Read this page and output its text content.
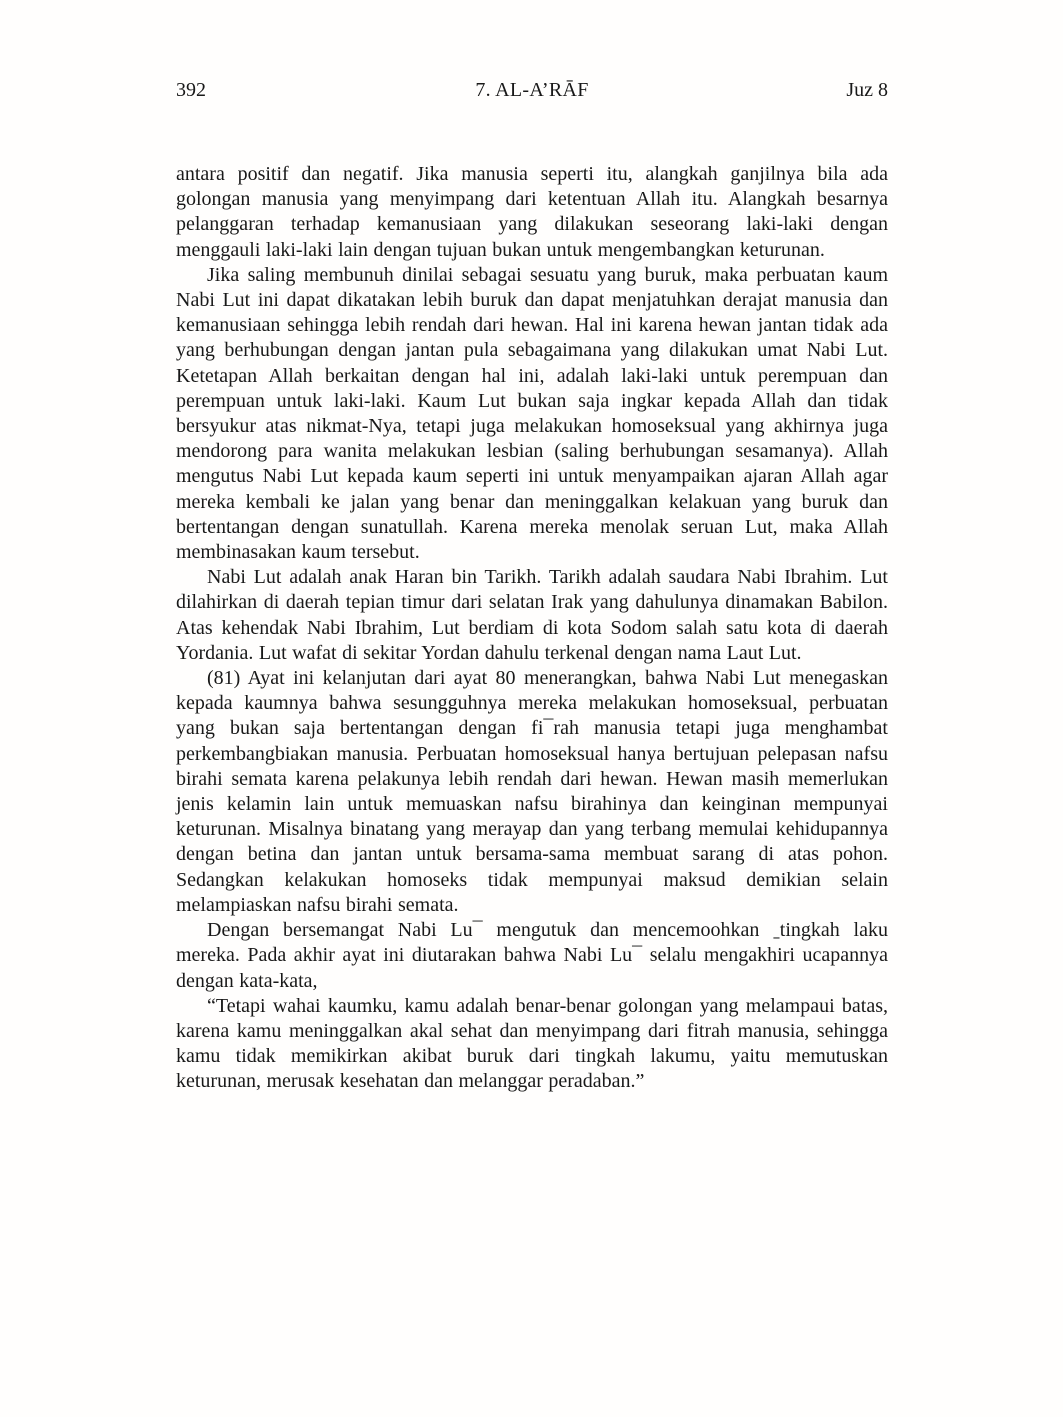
392	7. AL-A’RĀF	Juz 8

antara positif dan negatif. Jika manusia seperti itu, alangkah ganjilnya bila ada golongan manusia yang menyimpang dari ketentuan Allah itu. Alangkah besarnya pelanggaran terhadap kemanusiaan yang dilakukan seseorang laki-laki dengan menggauli laki-laki lain dengan tujuan bukan untuk mengembangkan keturunan.

Jika saling membunuh dinilai sebagai sesuatu yang buruk, maka perbuatan kaum Nabi Lut ini dapat dikatakan lebih buruk dan dapat menjatuhkan derajat manusia dan kemanusiaan sehingga lebih rendah dari hewan. Hal ini karena hewan jantan tidak ada yang berhubungan dengan jantan pula sebagaimana yang dilakukan umat Nabi Lut. Ketetapan Allah berkaitan dengan hal ini, adalah laki-laki untuk perempuan dan perempuan untuk laki-laki. Kaum Lut bukan saja ingkar kepada Allah dan tidak bersyukur atas nikmat-Nya, tetapi juga melakukan homoseksual yang akhirnya juga mendorong para wanita melakukan lesbian (saling berhubungan sesamanya). Allah mengutus Nabi Lut kepada kaum seperti ini untuk menyampaikan ajaran Allah agar mereka kembali ke jalan yang benar dan meninggalkan kelakuan yang buruk dan bertentangan dengan sunatullah. Karena mereka menolak seruan Lut, maka Allah membinasakan kaum tersebut.

Nabi Lut adalah anak Haran bin Tarikh. Tarikh adalah saudara Nabi Ibrahim. Lut dilahirkan di daerah tepian timur dari selatan Irak yang dahulunya dinamakan Babilon. Atas kehendak Nabi Ibrahim, Lut berdiam di kota Sodom salah satu kota di daerah Yordania. Lut wafat di sekitar Yordan dahulu terkenal dengan nama Laut Lut.

(81) Ayat ini kelanjutan dari ayat 80 menerangkan, bahwa Nabi Lut menegaskan kepada kaumnya bahwa sesungguhnya mereka melakukan homoseksual, perbuatan yang bukan saja bertentangan dengan fi¯rah manusia tetapi juga menghambat perkembangbiakan manusia. Perbuatan homoseksual hanya bertujuan pelepasan nafsu birahi semata karena pelakunya lebih rendah dari hewan. Hewan masih memerlukan jenis kelamin lain untuk memuaskan nafsu birahinya dan keinginan mempunyai keturunan. Misalnya binatang yang merayap dan yang terbang memulai kehidupannya dengan betina dan jantan untuk bersama-sama membuat sarang di atas pohon. Sedangkan kelakukan homoseks tidak mempunyai maksud demikian selain melampiaskan nafsu birahi semata.

Dengan bersemangat Nabi Lu¯ mengutuk dan mencemoohkan ˍtingkah laku mereka. Pada akhir ayat ini diutarakan bahwa Nabi Lu¯ selalu mengakhiri ucapannya dengan kata-kata,

“Tetapi wahai kaumku, kamu adalah benar-benar golongan yang melampaui batas, karena kamu meninggalkan akal sehat dan menyimpang dari fitrah manusia, sehingga kamu tidak memikirkan akibat buruk dari tingkah lakumu, yaitu memutuskan keturunan, merusak kesehatan dan melanggar peradaban.”
